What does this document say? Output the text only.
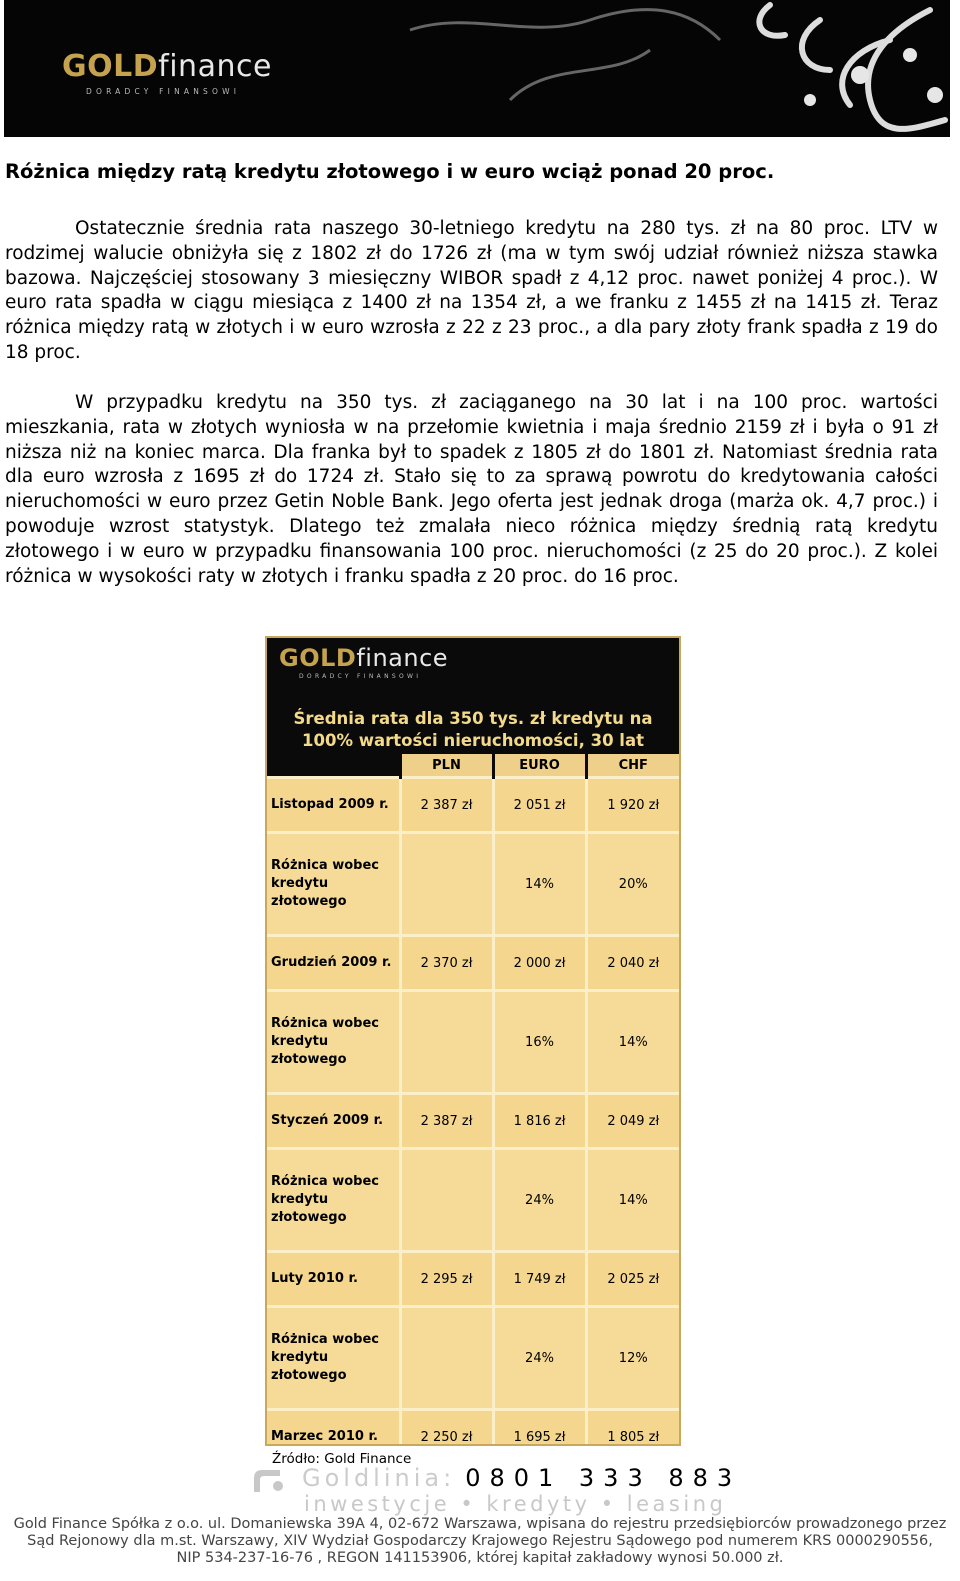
GOLDfinance
DORADCY FINANSOWI
Różnica między ratą kredytu złotowego i w euro wciąż ponad 20 proc.

Ostatecznie średnia rata naszego 30-letniego kredytu na 280 tys. zł na 80 proc. LTV w rodzimej walucie obniżyła się z 1802 zł do 1726 zł (ma w tym swój udział również niższa stawka bazowa. Najczęściej stosowany 3 miesięczny WIBOR spadł z 4,12 proc. nawet poniżej 4 proc.). W euro rata spadła w ciągu miesiąca z 1400 zł na 1354 zł, a we franku z 1455 zł na 1415 zł. Teraz różnica między ratą w złotych i w euro wzrosła z 22 z 23 proc., a dla pary złoty frank spadła z 19 do 18 proc.

W przypadku kredytu na 350 tys. zł zaciąganego na 30 lat i na 100 proc. wartości mieszkania, rata w złotych wyniosła w na przełomie kwietnia i maja średnio 2159 zł i była o 91 zł niższa niż na koniec marca. Dla franka był to spadek z 1805 zł do 1801 zł. Natomiast średnia rata dla euro wzrosła z 1695 zł do 1724 zł. Stało się to za sprawą powrotu do kredytowania całości nieruchomości w euro przez Getin Noble Bank. Jego oferta jest jednak droga (marża ok. 4,7 proc.) i powoduje wzrost statystyk. Dlatego też zmalała nieco różnica między średnią ratą kredytu złotowego i w euro w przypadku finansowania 100 proc. nieruchomości (z 25 do 20 proc.). Z kolei różnica w wysokości raty w złotych i franku spadła z 20 proc. do 16 proc.

GOLDfinance
DORADCY FINANSOWI
Średnia rata dla 350 tys. zł kredytu na
100% wartości nieruchomości, 30 lat
	PLN	EURO	CHF
Listopad 2009 r.	2 387 zł	2 051 zł	1 920 zł
Różnica wobec kredytu złotowego		14%	20%
Grudzień 2009 r.	2 370 zł	2 000 zł	2 040 zł
Różnica wobec kredytu złotowego		16%	14%
Styczeń 2009 r.	2 387 zł	1 816 zł	2 049 zł
Różnica wobec kredytu złotowego		24%	14%
Luty 2010 r.	2 295 zł	1 749 zł	2 025 zł
Różnica wobec kredytu złotowego		24%	12%
Marzec 2010 r.	2 250 zł	1 695 zł	1 805 zł

Źródło: Gold Finance
Goldlinia: 0801 333 883
inwestycje • kredyty • leasing
Gold Finance Spółka z o.o. ul. Domaniewska 39A 4, 02-672 Warszawa, wpisana do rejestru przedsiębiorców prowadzonego przez
Sąd Rejonowy dla m.st. Warszawy, XIV Wydział Gospodarczy Krajowego Rejestru Sądowego pod numerem KRS 0000290556,
NIP 534-237-16-76 , REGON 141153906, której kapitał zakładowy wynosi 50.000 zł.
